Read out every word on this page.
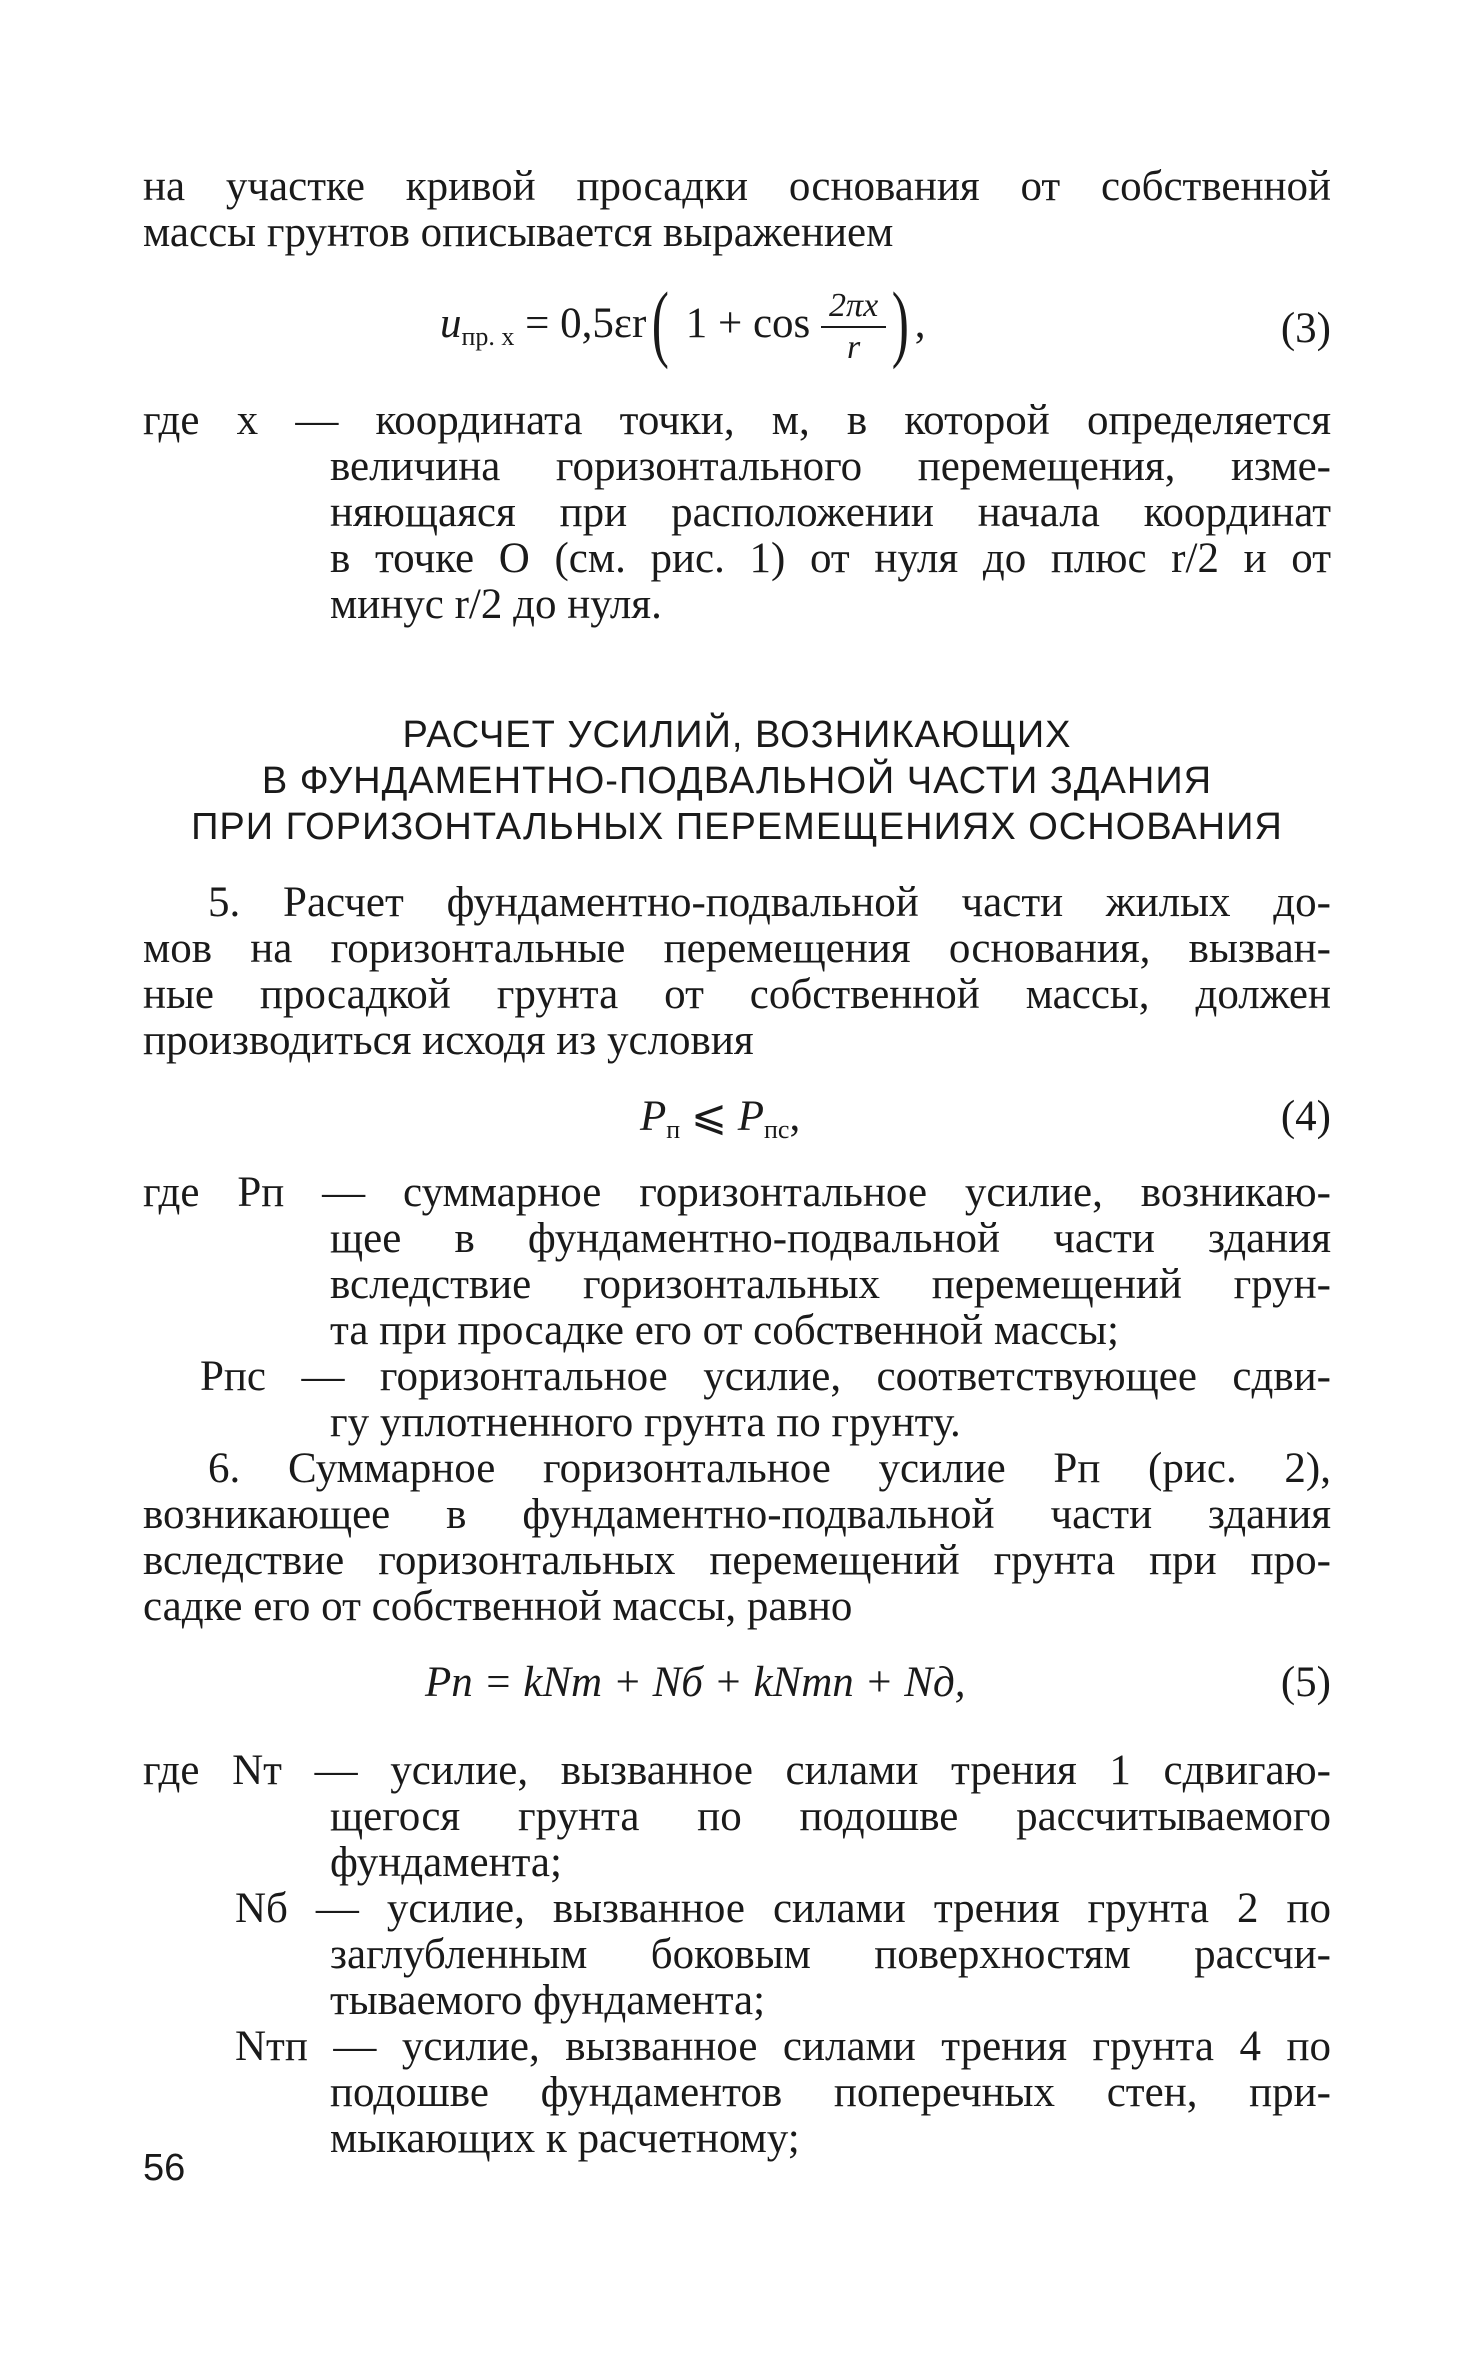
на участке кривой просадки основания от собственной
массы грунтов описывается выражением
$u_{пр. x} = 0,5\varepsilon r$( $1 + \cos \frac{2\pi x}{r}$ ) ,	(3)
где x — координата точки, м, в которой определяется
величина горизонтального перемещения, изме-
няющаяся при расположении начала координат
в точке O (см. рис. 1) от нуля до плюс r/2 и от
минус r/2 до нуля.
РАСЧЕТ УСИЛИЙ, ВОЗНИКАЮЩИХ
В ФУНДАМЕНТНО-ПОДВАЛЬНОЙ ЧАСТИ ЗДАНИЯ
ПРИ ГОРИЗОНТАЛЬНЫХ ПЕРЕМЕЩЕНИЯХ ОСНОВАНИЯ
5. Расчет фундаментно-подвальной части жилых до-
мов на горизонтальные перемещения основания, вызван-
ные просадкой грунта от собственной массы, должен
производиться исходя из условия
$P_п$ ⩽ $P_{пс}$,	(4)
где Pп — суммарное горизонтальное усилие, возникаю-
щее в фундаментно-подвальной части здания
вследствие горизонтальных перемещений грун-
та при просадке его от собственной массы;
Pпс — горизонтальное усилие, соответствующее сдви-
гу уплотненного грунта по грунту.
6. Суммарное горизонтальное усилие Pп (рис. 2),
возникающее в фундаментно-подвальной части здания
вследствие горизонтальных перемещений грунта при про-
садке его от собственной массы, равно
Pп = kNт + Nб + kNтп + Nд,	(5)
где Nт — усилие, вызванное силами трения 1 сдвигаю-
щегося грунта по подошве рассчитываемого
фундамента;
Nб — усилие, вызванное силами трения грунта 2 по
заглубленным боковым поверхностям рассчи-
тываемого фундамента;
Nтп — усилие, вызванное силами трения грунта 4 по
подошве фундаментов поперечных стен, при-
мыкающих к расчетному;
56
